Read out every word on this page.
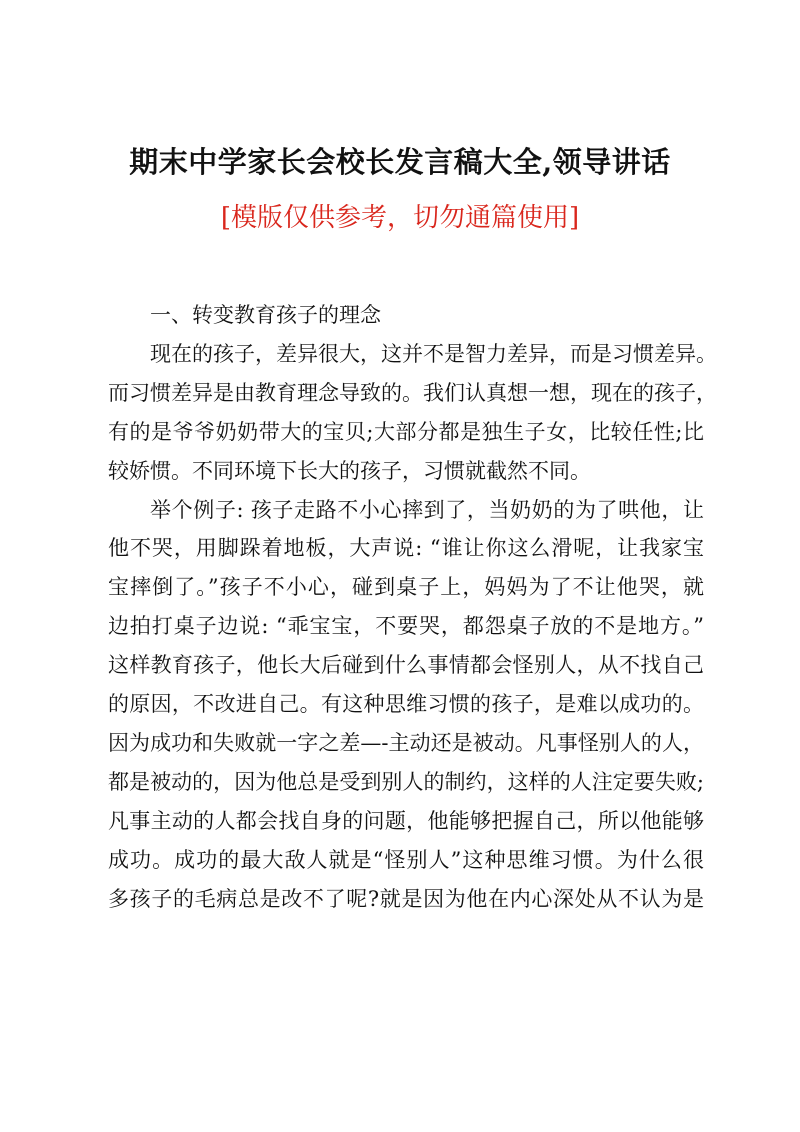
期末中学家长会校长发言稿大全,领导讲话

[模版仅供参考，切勿通篇使用]

一、转变教育孩子的理念

现在的孩子，差异很大，这并不是智力差异，而是习惯差异。
而习惯差异是由教育理念导致的。我们认真想一想，现在的孩子，
有的是爷爷奶奶带大的宝贝;大部分都是独生子女，比较任性;比
较娇惯。不同环境下长大的孩子，习惯就截然不同。
举个例子: 孩子走路不小心摔到了，当奶奶的为了哄他，让
他不哭，用脚跺着地板，大声说: “谁让你这么滑呢，让我家宝
宝摔倒了。”孩子不小心，碰到桌子上，妈妈为了不让他哭，就
边拍打桌子边说: “乖宝宝，不要哭，都怨桌子放的不是地方。”
这样教育孩子，他长大后碰到什么事情都会怪别人，从不找自己
的原因，不改进自己。有这种思维习惯的孩子，是难以成功的。
因为成功和失败就一字之差—-主动还是被动。凡事怪别人的人，
都是被动的，因为他总是受到别人的制约，这样的人注定要失败;
凡事主动的人都会找自身的问题，他能够把握自己，所以他能够
成功。成功的最大敌人就是“怪别人”这种思维习惯。为什么很
多孩子的毛病总是改不了呢?就是因为他在内心深处从不认为是
